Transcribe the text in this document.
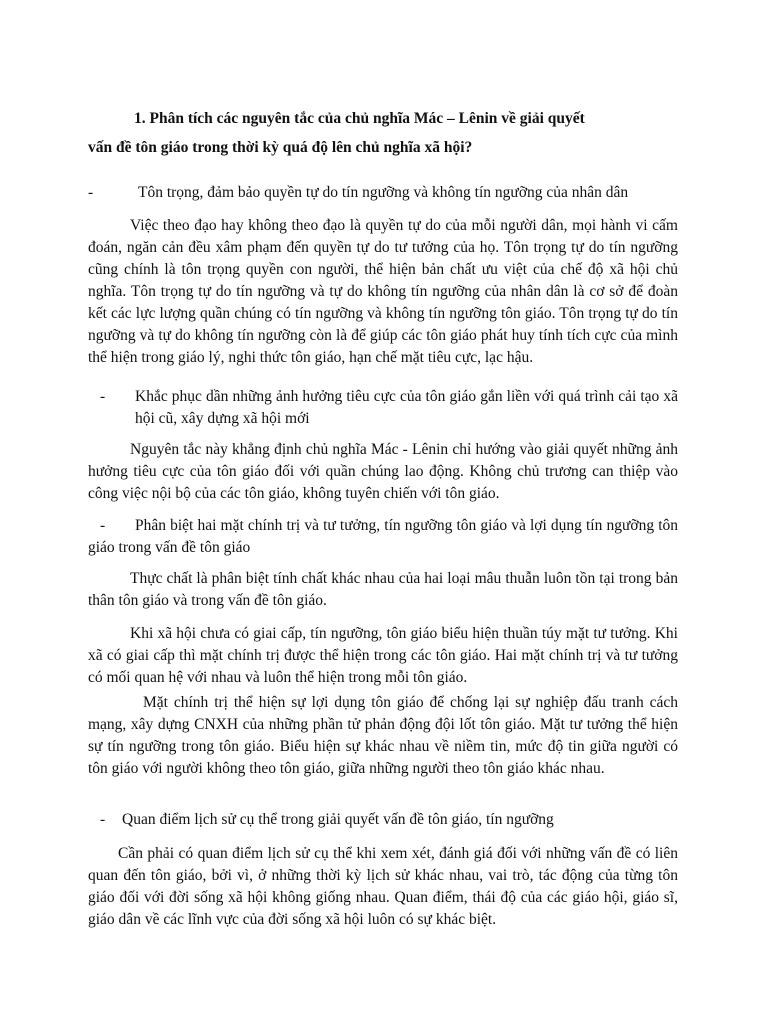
1. Phân tích các nguyên tắc của chủ nghĩa Mác – Lênin về giải quyết

vấn đề tôn giáo trong thời kỳ quá độ lên chủ nghĩa xã hội?

-	Tôn trọng, đảm bảo quyền tự do tín ngưỡng và không tín ngưỡng của nhân dân

Việc theo đạo hay không theo đạo là quyền tự do của mỗi người dân, mọi hành vi cấm đoán, ngăn cản đều xâm phạm đến quyền tự do tư tưởng của họ. Tôn trọng tự do tín ngưỡng cũng chính là tôn trọng quyền con người, thể hiện bản chất ưu việt của chế độ xã hội chủ nghĩa. Tôn trọng tự do tín ngưỡng và tự do không tín ngưỡng của nhân dân là cơ sở để đoàn kết các lực lượng quần chúng có tín ngưỡng và không tín ngưỡng tôn giáo. Tôn trọng tự do tín ngưỡng và tự do không tín ngưỡng còn là để giúp các tôn giáo phát huy tính tích cực của mình thể hiện trong giáo lý, nghi thức tôn giáo, hạn chế mặt tiêu cực, lạc hậu.

- Khắc phục dần những ảnh hưởng tiêu cực của tôn giáo gắn liền với quá trình cải tạo xã hội cũ, xây dựng xã hội mới

Nguyên tắc này khẳng định chủ nghĩa Mác - Lênin chỉ hướng vào giải quyết những ảnh hưởng tiêu cực của tôn giáo đối với quần chúng lao động. Không chủ trương can thiệp vào công việc nội bộ của các tôn giáo, không tuyên chiến với tôn giáo.

-	Phân biệt hai mặt chính trị và tư tưởng, tín ngưỡng tôn giáo và lợi dụng tín ngưỡng tôn giáo trong vấn đề tôn giáo

Thực chất là phân biệt tính chất khác nhau của hai loại mâu thuẫn luôn tồn tại trong bản thân tôn giáo và trong vấn đề tôn giáo.

Khi xã hội chưa có giai cấp, tín ngưỡng, tôn giáo biểu hiện thuần túy mặt tư tưởng. Khi xã có giai cấp thì mặt chính trị được thể hiện trong các tôn giáo. Hai mặt chính trị và tư tưởng có mối quan hệ với nhau và luôn thể hiện trong mỗi tôn giáo.

Mặt chính trị thể hiện sự lợi dụng tôn giáo để chống lại sự nghiệp đấu tranh cách mạng, xây dựng CNXH của những phần tử phản động đội lốt tôn giáo. Mặt tư tưởng thể hiện sự tín ngưỡng trong tôn giáo. Biểu hiện sự khác nhau về niềm tin, mức độ tin giữa người có tôn giáo với người không theo tôn giáo, giữa những người theo tôn giáo khác nhau.

- Quan điểm lịch sử cụ thể trong giải quyết vấn đề tôn giáo, tín ngưỡng

Cần phải có quan điểm lịch sử cụ thể khi xem xét, đánh giá đối với những vấn đề có liên quan đến tôn giáo, bởi vì, ở những thời kỳ lịch sử khác nhau, vai trò, tác động của từng tôn giáo đối với đời sống xã hội không giống nhau. Quan điểm, thái độ của các giáo hội, giáo sĩ, giáo dân về các lĩnh vực của đời sống xã hội luôn có sự khác biệt.
